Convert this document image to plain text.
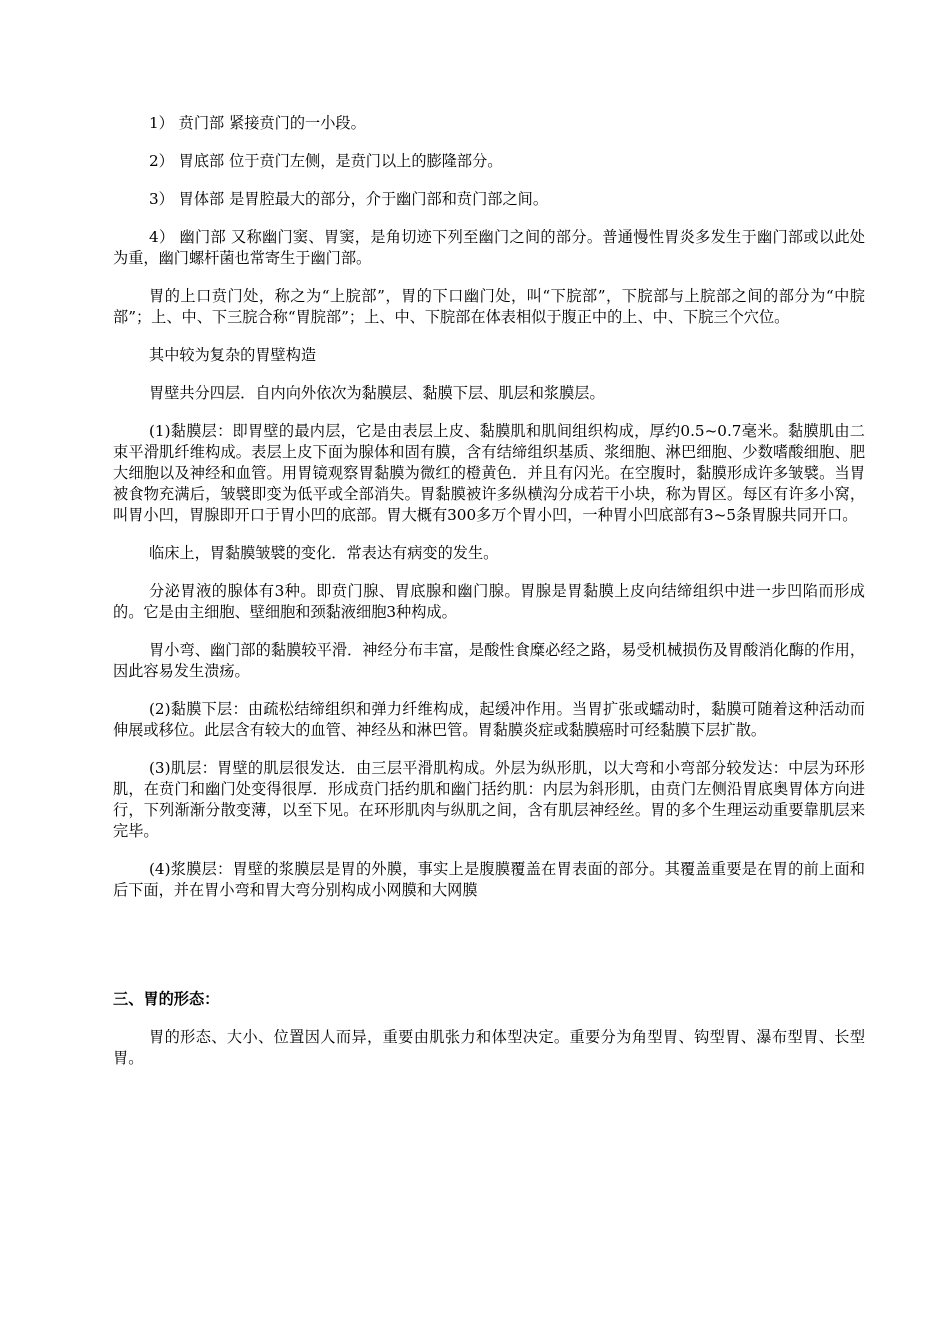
1） 贲门部 紧接贲门的一小段。

2） 胃底部 位于贲门左侧，是贲门以上的膨隆部分。

3） 胃体部 是胃腔最大的部分，介于幽门部和贲门部之间。

4） 幽门部 又称幽门窦、胃窦，是角切迹下列至幽门之间的部分。普通慢性胃炎多发生于幽门部或以此处为重，幽门螺杆菌也常寄生于幽门部。

胃的上口贲门处，称之为“上脘部”，胃的下口幽门处，叫“下脘部”，下脘部与上脘部之间的部分为“中脘部”；上、中、下三脘合称“胃脘部”；上、中、下脘部在体表相似于腹正中的上、中、下脘三个穴位。

其中较为复杂的胃壁构造

胃壁共分四层．自内向外依次为黏膜层、黏膜下层、肌层和浆膜层。

(1)黏膜层：即胃壁的最内层，它是由表层上皮、黏膜肌和肌间组织构成，厚约0.5~0.7毫米。黏膜肌由二束平滑肌纤维构成。表层上皮下面为腺体和固有膜，含有结缔组织基质、浆细胞、淋巴细胞、少数嗜酸细胞、肥大细胞以及神经和血管。用胃镜观察胃黏膜为微红的橙黄色．并且有闪光。在空腹时，黏膜形成许多皱襞。当胃被食物充满后，皱襞即变为低平或全部消失。胃黏膜被许多纵横沟分成若干小块，称为胃区。每区有许多小窝，叫胃小凹，胃腺即开口于胃小凹的底部。胃大概有300多万个胃小凹，一种胃小凹底部有3~5条胃腺共同开口。

临床上，胃黏膜皱襞的变化．常表达有病变的发生。

分泌胃液的腺体有3种。即贲门腺、胃底腺和幽门腺。胃腺是胃黏膜上皮向结缔组织中进一步凹陷而形成的。它是由主细胞、壁细胞和颈黏液细胞3种构成。

胃小弯、幽门部的黏膜较平滑．神经分布丰富，是酸性食糜必经之路，易受机械损伤及胃酸消化酶的作用，因此容易发生溃疡。

(2)黏膜下层：由疏松结缔组织和弹力纤维构成，起缓冲作用。当胃扩张或蠕动时，黏膜可随着这种活动而伸展或移位。此层含有较大的血管、神经丛和淋巴管。胃黏膜炎症或黏膜癌时可经黏膜下层扩散。

(3)肌层：胃壁的肌层很发达．由三层平滑肌构成。外层为纵形肌，以大弯和小弯部分较发达：中层为环形肌，在贲门和幽门处变得很厚．形成贲门括约肌和幽门括约肌：内层为斜形肌，由贲门左侧沿胃底奥胃体方向进行，下列渐渐分散变薄，以至下见。在环形肌肉与纵肌之间，含有肌层神经丝。胃的多个生理运动重要靠肌层来完毕。

(4)浆膜层：胃壁的浆膜层是胃的外膜，事实上是腹膜覆盖在胃表面的部分。其覆盖重要是在胃的前上面和后下面，并在胃小弯和胃大弯分别构成小网膜和大网膜

三、胃的形态：

胃的形态、大小、位置因人而异，重要由肌张力和体型决定。重要分为角型胃、钩型胃、瀑布型胃、长型胃。
